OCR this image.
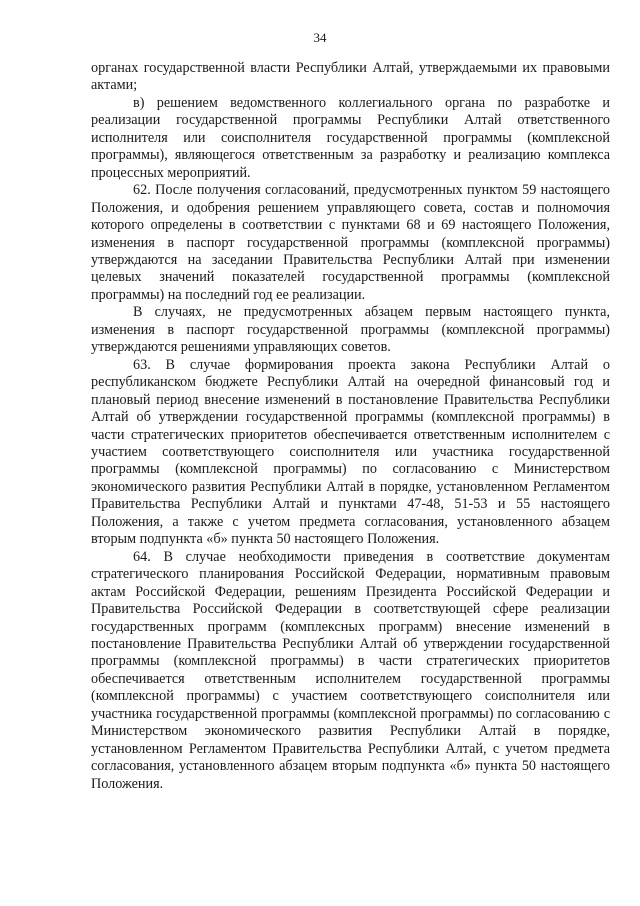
34

органах государственной власти Республики Алтай, утверждаемыми их правовыми актами;

в) решением ведомственного коллегиального органа по разработке и реализации государственной программы Республики Алтай ответственного исполнителя или соисполнителя государственной программы (комплексной программы), являющегося ответственным за разработку и реализацию комплекса процессных мероприятий.

62. После получения согласований, предусмотренных пунктом 59 настоящего Положения, и одобрения решением управляющего совета, состав и полномочия которого определены в соответствии с пунктами 68 и 69 настоящего Положения, изменения в паспорт государственной программы (комплексной программы) утверждаются на заседании Правительства Республики Алтай при изменении целевых значений показателей государственной программы (комплексной программы) на последний год ее реализации.

В случаях, не предусмотренных абзацем первым настоящего пункта, изменения в паспорт государственной программы (комплексной программы) утверждаются решениями управляющих советов.

63. В случае формирования проекта закона Республики Алтай о республиканском бюджете Республики Алтай на очередной финансовый год и плановый период внесение изменений в постановление Правительства Республики Алтай об утверждении государственной программы (комплексной программы) в части стратегических приоритетов обеспечивается ответственным исполнителем с участием соответствующего соисполнителя или участника государственной программы (комплексной программы) по согласованию с Министерством экономического развития Республики Алтай в порядке, установленном Регламентом Правительства Республики Алтай и пунктами 47-48, 51-53 и 55 настоящего Положения, а также с учетом предмета согласования, установленного абзацем вторым подпункта «б» пункта 50 настоящего Положения.

64. В случае необходимости приведения в соответствие документам стратегического планирования Российской Федерации, нормативным правовым актам Российской Федерации, решениям Президента Российской Федерации и Правительства Российской Федерации в соответствующей сфере реализации государственных программ (комплексных программ) внесение изменений в постановление Правительства Республики Алтай об утверждении государственной программы (комплексной программы) в части стратегических приоритетов обеспечивается ответственным исполнителем государственной программы (комплексной программы) с участием соответствующего соисполнителя или участника государственной программы (комплексной программы) по согласованию с Министерством экономического развития Республики Алтай в порядке, установленном Регламентом Правительства Республики Алтай, с учетом предмета согласования, установленного абзацем вторым подпункта «б» пункта 50 настоящего Положения.
